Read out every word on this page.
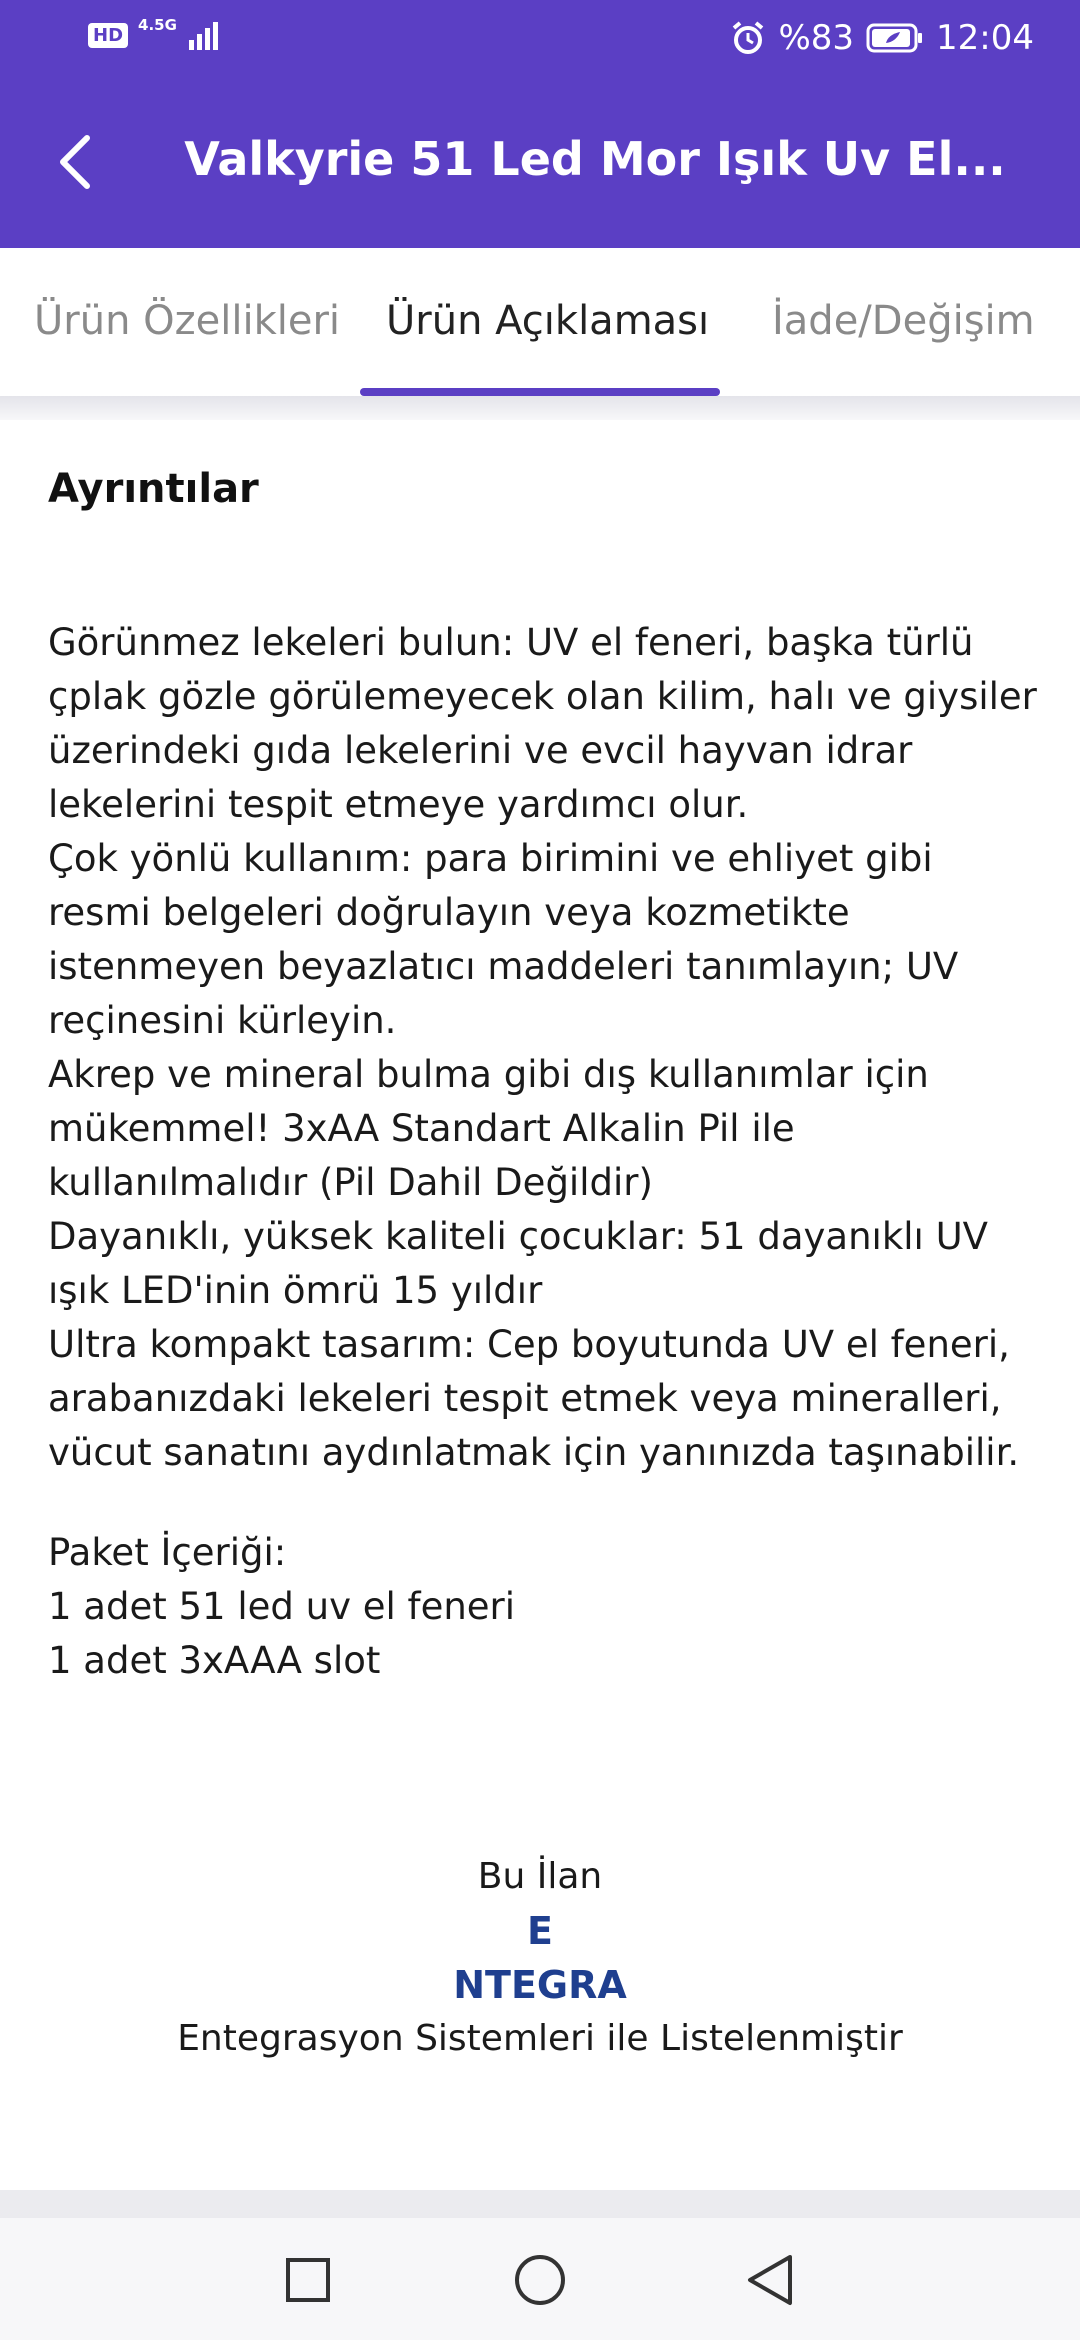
HD	4.5G	%83 12:04
Valkyrie 51 Led Mor Işık Uv El...
Ürün Özellikleri Ürün Açıklaması İade/Değişim
Ayrıntılar

Görünmez lekeleri bulun: UV el feneri, başka türlü çplak gözle görülemeyecek olan kilim, halı ve giysiler üzerindeki gıda lekelerini ve evcil hayvan idrar lekelerini tespit etmeye yardımcı olur.

Çok yönlü kullanım: para birimini ve ehliyet gibi resmi belgeleri doğrulayın veya kozmetikte istenmeyen beyazlatıcı maddeleri tanımlayın; UV reçinesini kürleyin.

Akrep ve mineral bulma gibi dış kullanımlar için mükemmel! 3xAA Standart Alkalin Pil ile kullanılmalıdır (Pil Dahil Değildir)

Dayanıklı, yüksek kaliteli çocuklar: 51 dayanıklı UV ışık LED'inin ömrü 15 yıldır

Ultra kompakt tasarım: Cep boyutunda UV el feneri, arabanızdaki lekeleri tespit etmek veya mineralleri, vücut sanatını aydınlatmak için yanınızda taşınabilir.

Paket İçeriği:

1 adet 51 led uv el feneri

1 adet 3xAAA slot

Bu İlan
E
NTEGRA
Entegrasyon Sistemleri ile Listelenmiştir
